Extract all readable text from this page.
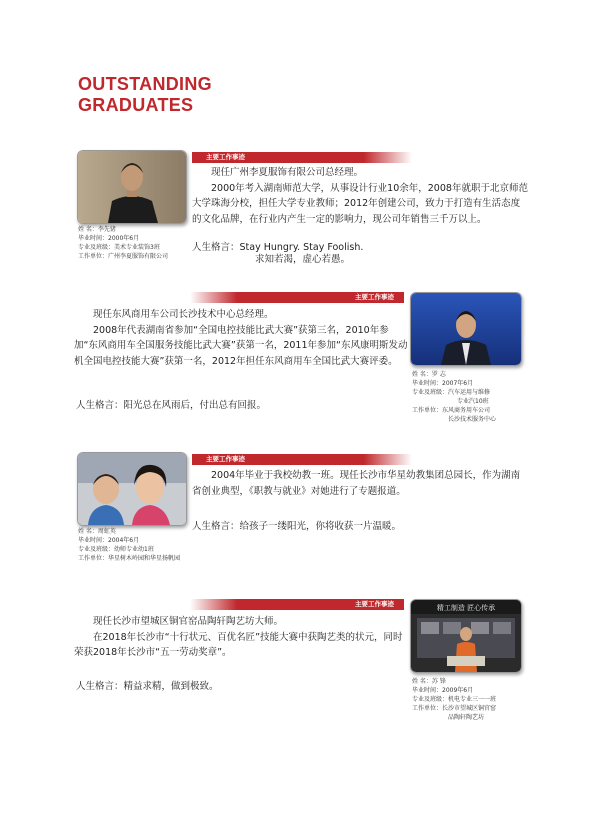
OUTSTANDING
GRADUATES
姓 名：李先锗
毕业时间：2000年6月
专业及班级：美术专业装饰3班
工作单位：广州李夏服饰有限公司
主要工作事迹

现任广州李夏服饰有限公司总经理。

2000年考入湖南师范大学，从事设计行业10余年，2008年就职于北京师范大学珠海分校，担任大学专业教师；2012年创建公司，致力于打造有生活态度的文化品牌，在行业内产生一定的影响力，现公司年销售三千万以上。

人生格言：Stay Hungry. Stay Foolish.
求知若渴，虚心若愚。
主要工作事迹

现任东风商用车公司长沙技术中心总经理。

2008年代表湖南省参加“全国电控技能比武大赛”获第三名，2010年参加“东风商用车全国服务技能比武大赛”获第一名，2011年参加“东风康明斯发动机全国电控技能大赛”获第一名，2012年担任东风商用车全国比武大赛评委。

人生格言：阳光总在风雨后，付出总有回报。
姓 名：罗 志
毕业时间：2007年6月
专业及班级：汽车运用与维修
专业汽10班
工作单位：东风商务用车公司
长沙技术服务中心
姓 名：周虹英
毕业时间：2004年6月
专业及班级：幼师专业幼1班
工作单位：华星树木岭园和华星扬帆园
主要工作事迹

2004年毕业于我校幼教一班。现任长沙市华星幼教集团总园长，作为湖南省创业典型，《职教与就业》对她进行了专题报道。

人生格言：给孩子一缕阳光，你将收获一片温暖。
主要工作事迹

现任长沙市望城区铜官窑品陶轩陶艺坊大师。

在2018年长沙市“十行状元、百优名匠”技能大赛中获陶艺类的状元，同时荣获2018年长沙市“五一劳动奖章”。

人生格言：精益求精，做到极致。
精工制造 匠心传承
姓 名：苏 锋
毕业时间：2009年6月
专业及班级：机电专业三一一班
工作单位：长沙市望城区铜官窑
品陶轩陶艺坊
